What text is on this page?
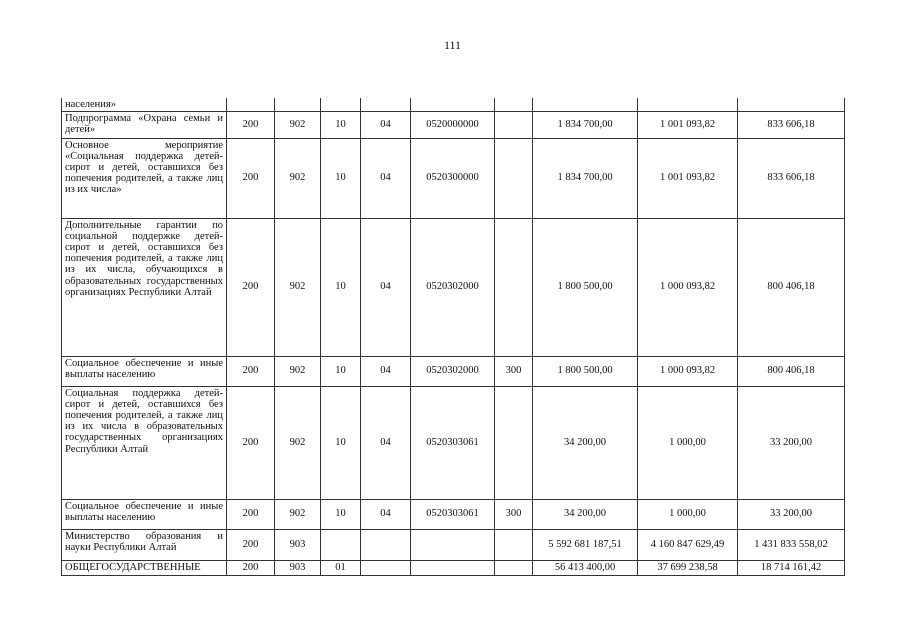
111
населения»									
Подпрограмма «Охрана семьи и детей»	200	902	10	04	0520000000		1 834 700,00	1 001 093,82	833 606,18
Основное мероприятие «Социальная поддержка детей-сирот и детей, оставшихся без попечения родителей, а также лиц из их числа»	200	902	10	04	0520300000		1 834 700,00	1 001 093,82	833 606,18
Дополнительные гарантии по социальной поддержке детей-сирот и детей, оставшихся без попечения родителей, а также лиц из их числа, обучающихся в образовательных государственных организациях Республики Алтай	200	902	10	04	0520302000		1 800 500,00	1 000 093,82	800 406,18
Социальное обеспечение и иные выплаты населению	200	902	10	04	0520302000	300	1 800 500,00	1 000 093,82	800 406,18
Социальная поддержка детей-сирот и детей, оставшихся без попечения родителей, а также лиц из их числа в образовательных государственных организациях Республики Алтай	200	902	10	04	0520303061		34 200,00	1 000,00	33 200,00
Социальное обеспечение и иные выплаты населению	200	902	10	04	0520303061	300	34 200,00	1 000,00	33 200,00
Министерство образования и науки Республики Алтай	200	903					5 592 681 187,51	4 160 847 629,49	1 431 833 558,02
ОБЩЕГОСУДАРСТВЕННЫЕ	200	903	01				56 413 400,00	37 699 238,58	18 714 161,42
